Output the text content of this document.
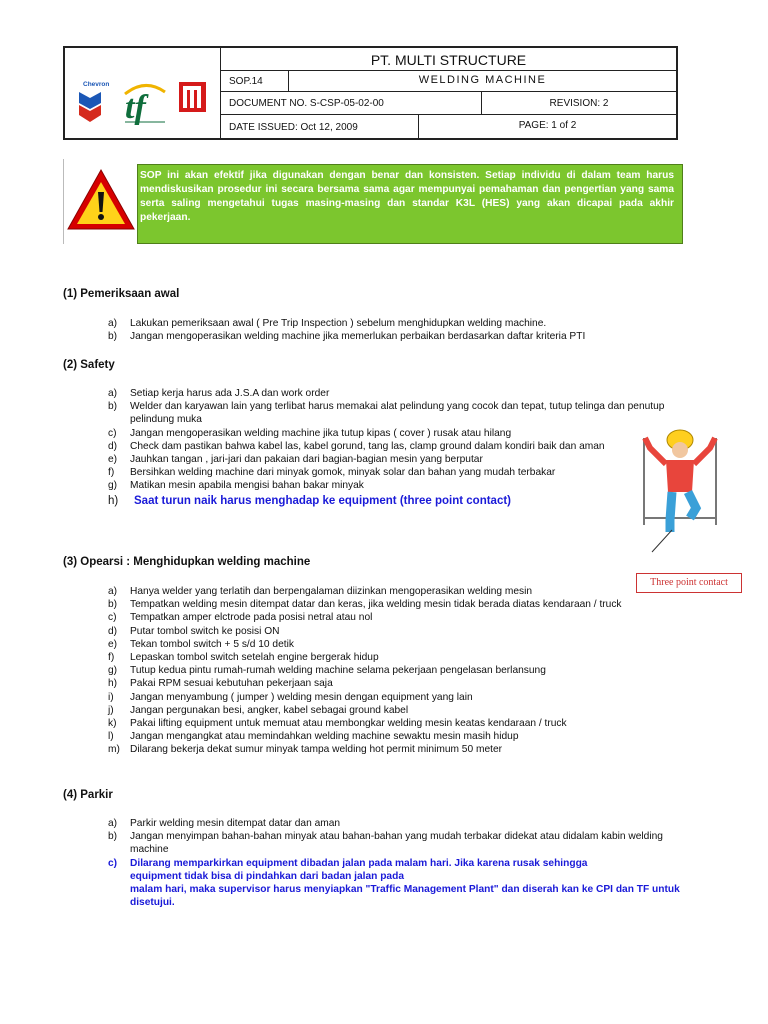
Chevron
tf
PT. MULTI STRUCTURE
SOP.14	WELDING MACHINE
DOCUMENT NO. S-CSP-05-02-00	REVISION: 2
DATE ISSUED: Oct 12, 2009	PAGE: 1 of 2
SOP ini akan efektif jika digunakan dengan benar dan konsisten. Setiap individu di dalam team harus mendiskusikan prosedur ini secara bersama sama agar mempunyai pemahaman dan pengertian yang sama serta saling mengetahui tugas masing-masing dan standar K3L (HES) yang akan dicapai pada akhir pekerjaan.
(1) Pemeriksaan awal
a)	Lakukan pemeriksaan awal ( Pre Trip Inspection ) sebelum menghidupkan welding machine.
b)	Jangan mengoperasikan welding machine jika memerlukan perbaikan berdasarkan daftar kriteria PTI
(2) Safety
a)	Setiap kerja harus ada J.S.A dan work order
b)	Welder dan karyawan lain yang terlibat harus memakai alat pelindung yang cocok dan tepat, tutup telinga dan penutup pelindung muka
c)	Jangan mengoperasikan welding machine jika tutup kipas ( cover ) rusak atau hilang
d)	Check dam pastikan bahwa kabel las, kabel gorund, tang las, clamp ground dalam kondiri baik dan aman
e)	Jauhkan tangan , jari-jari dan pakaian dari bagian-bagian mesin yang berputar
f)	Bersihkan welding machine dari minyak gomok, minyak solar dan bahan yang mudah terbakar
g)	Matikan mesin apabila mengisi bahan bakar minyak
h)	Saat turun naik harus menghadap ke equipment (three point contact)
Three point contact
(3) Opearsi : Menghidupkan welding machine
a)	Hanya welder yang terlatih dan berpengalaman diizinkan mengoperasikan welding mesin
b)	Tempatkan welding mesin ditempat datar dan keras, jika welding mesin tidak berada diatas kendaraan / truck
c)	Tempatkan amper elctrode pada posisi netral atau nol
d)	Putar tombol switch ke posisi ON
e)	Tekan tombol switch + 5 s/d 10 detik
f)	Lepaskan tombol switch setelah engine bergerak hidup
g)	Tutup kedua pintu rumah-rumah welding machine selama pekerjaan pengelasan berlansung
h)	Pakai RPM sesuai kebutuhan pekerjaan saja
i)	Jangan menyambung ( jumper ) welding mesin dengan equipment yang lain
j)	Jangan pergunakan besi, angker, kabel sebagai ground kabel
k)	Pakai lifting equipment untuk memuat atau membongkar welding mesin keatas kendaraan / truck
l)	Jangan mengangkat atau memindahkan welding machine sewaktu mesin masih hidup
m) Dilarang bekerja dekat sumur minyak tampa welding hot permit minimum 50 meter
(4) Parkir
a)	Parkir welding mesin ditempat datar dan aman
b)	Jangan menyimpan bahan-bahan minyak atau bahan-bahan yang mudah terbakar didekat atau didalam kabin welding machine
c)	Dilarang memparkirkan equipment dibadan jalan pada malam hari. Jika karena rusak sehingga equipment tidak bisa di pindahkan dari badan jalan pada
malam hari, maka supervisor harus menyiapkan "Traffic Management Plant" dan diserah kan ke CPI dan TF untuk disetujui.
